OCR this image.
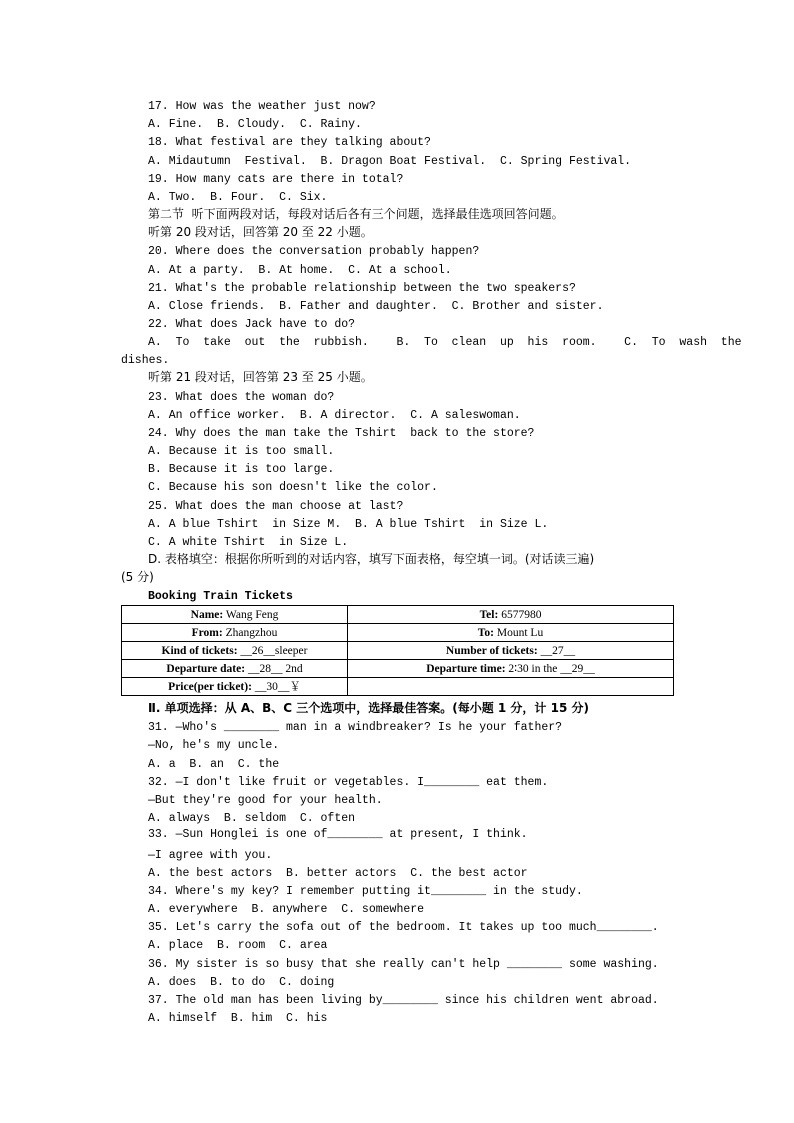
17. How was the weather just now?
A. Fine.  B. Cloudy.  C. Rainy.
18. What festival are they talking about?
A. Midautumn  Festival.  B. Dragon Boat Festival.  C. Spring Festival.
19. How many cats are there in total?
A. Two.  B. Four.  C. Six.
第二节  听下面两段对话，每段对话后各有三个问题，选择最佳选项回答问题。
听第 20 段对话，回答第 20 至 22 小题。
20. Where does the conversation probably happen?
A. At a party.  B. At home.  C. At a school.
21. What's the probable relationship between the two speakers?
A. Close friends.  B. Father and daughter.  C. Brother and sister.
22. What does Jack have to do?
A.  To  take  out  the  rubbish.    B.  To  clean  up  his  room.    C.  To  wash  the
dishes.
听第 21 段对话，回答第 23 至 25 小题。
23. What does the woman do?
A. An office worker.  B. A director.  C. A saleswoman.
24. Why does the man take the Tshirt  back to the store?
A. Because it is too small.
B. Because it is too large.
C. Because his son doesn't like the color.
25. What does the man choose at last?
A. A blue Tshirt  in Size M.  B. A blue Tshirt  in Size L.
C. A white Tshirt  in Size L.
D. 表格填空：根据你所听到的对话内容，填写下面表格，每空填一词。(对话读三遍)
(5 分)
Booking Train Tickets
Name: Wang Feng	Tel: 6577980
From: Zhangzhou	To: Mount Lu
Kind of tickets: __26__sleeper	Number of tickets: __27__
Departure date: __28__ 2nd	Departure time: 2∶30 in the __29__
Price(per ticket): __30__￥	
Ⅱ. 单项选择：从 A、B、C 三个选项中，选择最佳答案。(每小题 1 分，计 15 分)
31. —Who's ________ man in a windbreaker? Is he your father?
—No, he's my uncle.
A. a  B. an  C. the
32. —I don't like fruit or vegetables. I________ eat them.
—But they're good for your health.
A. always  B. seldom  C. often
33. —Sun Honglei is one of________ at present, I think.
—I agree with you.
A. the best actors  B. better actors  C. the best actor
34. Where's my key? I remember putting it________ in the study.
A. everywhere  B. anywhere  C. somewhere
35. Let's carry the sofa out of the bedroom. It takes up too much________.
A. place  B. room  C. area
36. My sister is so busy that she really can't help ________ some washing.
A. does  B. to do  C. doing
37. The old man has been living by________ since his children went abroad.
A. himself  B. him  C. his
